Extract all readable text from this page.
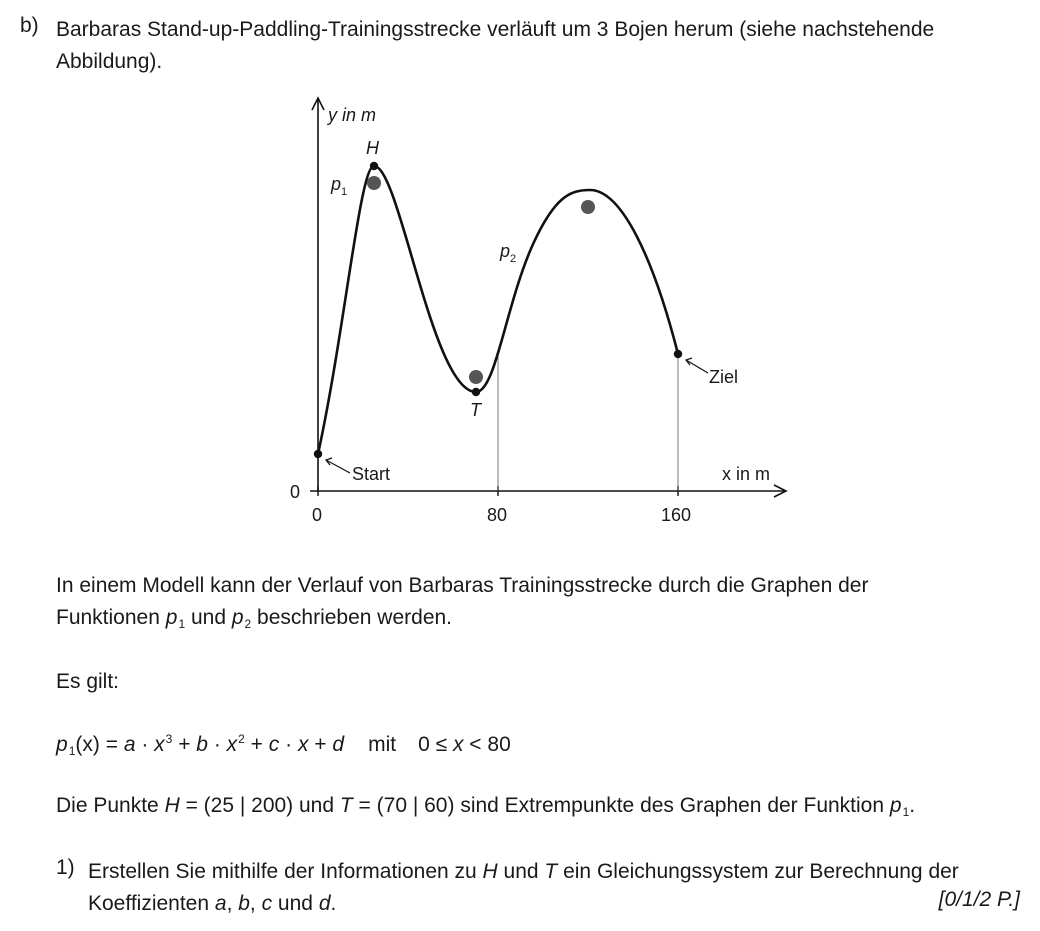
b) Barbaras Stand-up-Paddling-Trainingsstrecke verläuft um 3 Bojen herum (siehe nachstehende Abbildung).
y in m
x in m
0
0	80	160
H
T
$p_1$
$p_2$
Start
Ziel
In einem Modell kann der Verlauf von Barbaras Trainingsstrecke durch die Graphen der
Funktionen $p_1$ und $p_2$ beschrieben werden.
Es gilt:
$p_1(x) = a \cdot x^3 + b \cdot x^2 + c \cdot x + d$ mit 0 ≤ x < 80
Die Punkte H = (25 | 200) und T = (70 | 60) sind Extrempunkte des Graphen der Funktion $p_1$.
1) Erstellen Sie mithilfe der Informationen zu H und T ein Gleichungssystem zur Berechnung der Koeffizienten a, b, c und d.	[0/1/2 P.]
